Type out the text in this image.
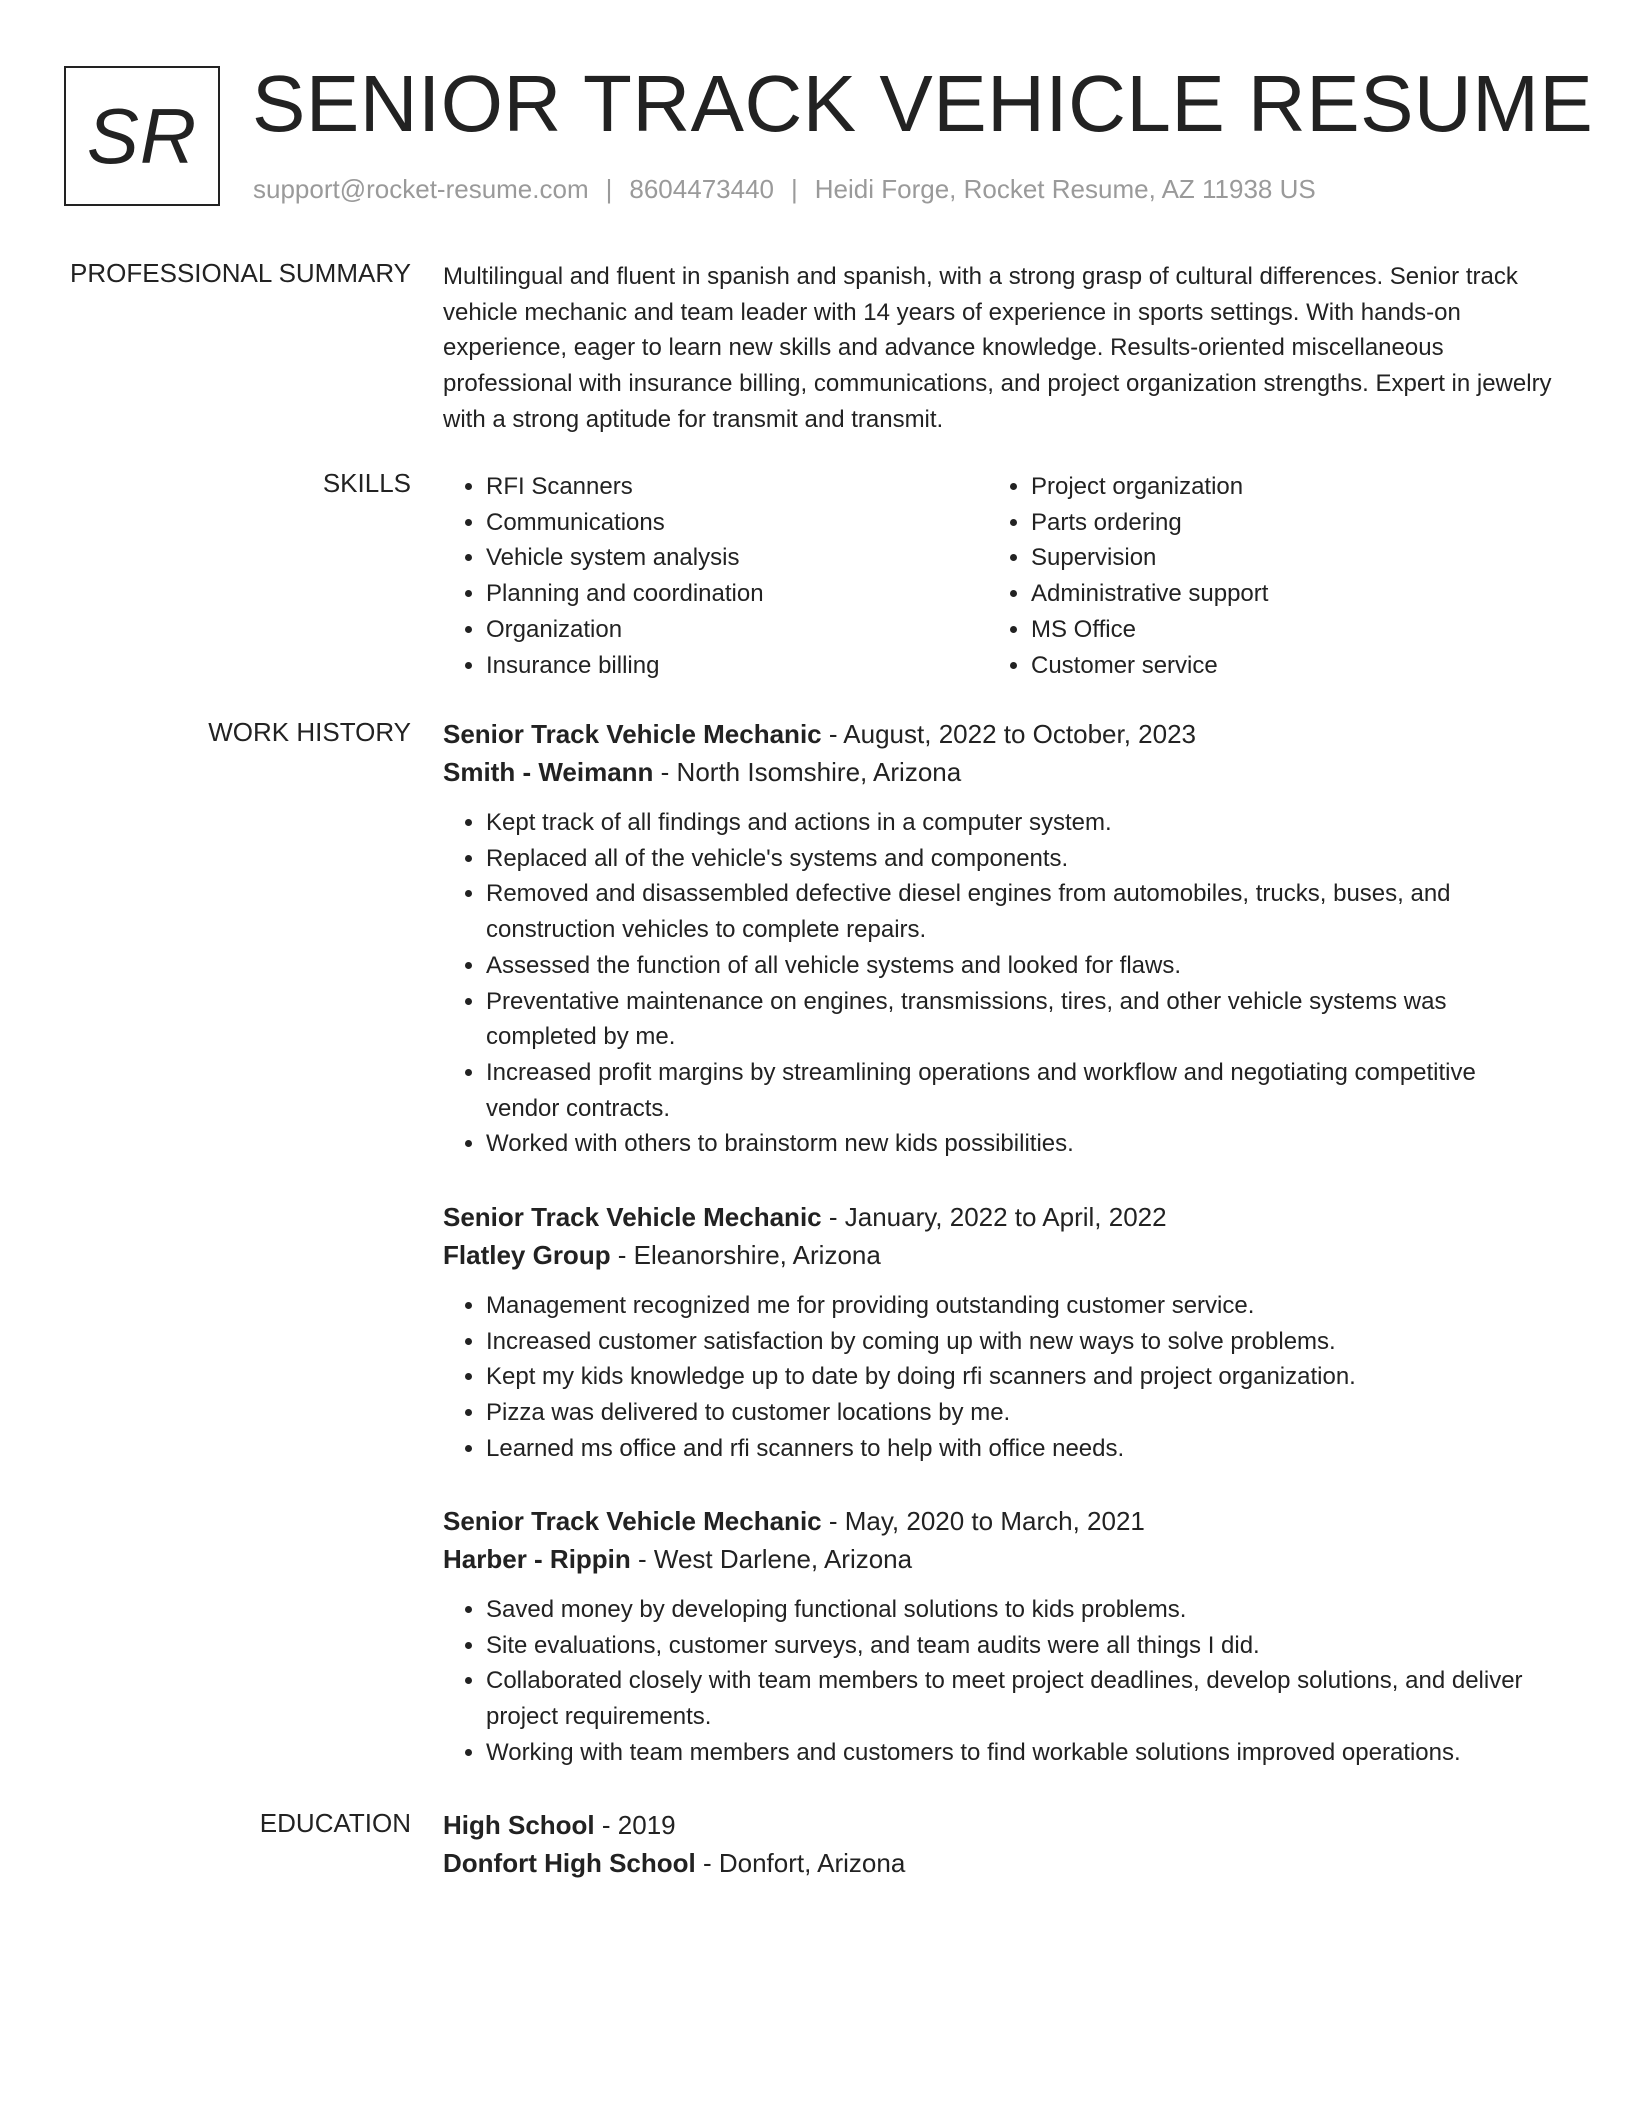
SR SENIOR TRACK VEHICLE RESUME
support@rocket-resume.com | 8604473440 | Heidi Forge, Rocket Resume, AZ 11938 US
PROFESSIONAL SUMMARY Multilingual and fluent in spanish and spanish, with a strong grasp of cultural differences. Senior track vehicle mechanic and team leader with 14 years of experience in sports settings. With hands-on experience, eager to learn new skills and advance knowledge. Results-oriented miscellaneous professional with insurance billing, communications, and project organization strengths. Expert in jewelry with a strong aptitude for transmit and transmit.

SKILLS
•	RFI Scanners
• Communications
• Vehicle system analysis
• Planning and coordination
• Organization
• Insurance billing
• Project organization
• Parts ordering
• Supervision
• Administrative support
• MS Office
• Customer service
WORK HISTORY Senior Track Vehicle Mechanic - August, 2022 to October, 2023
Smith - Weimann - North Isomshire, Arizona
• Kept track of all findings and actions in a computer system.
• Replaced all of the vehicle's systems and components.
• Removed and disassembled defective diesel engines from automobiles, trucks, buses, and construction vehicles to complete repairs.
• Assessed the function of all vehicle systems and looked for flaws.
• Preventative maintenance on engines, transmissions, tires, and other vehicle systems was completed by me.
• Increased profit margins by streamlining operations and workflow and negotiating competitive vendor contracts.
• Worked with others to brainstorm new kids possibilities.
Senior Track Vehicle Mechanic - January, 2022 to April, 2022
Flatley Group - Eleanorshire, Arizona
• Management recognized me for providing outstanding customer service.
• Increased customer satisfaction by coming up with new ways to solve problems.
• Kept my kids knowledge up to date by doing rfi scanners and project organization.
• Pizza was delivered to customer locations by me.
• Learned ms office and rfi scanners to help with office needs.
Senior Track Vehicle Mechanic - May, 2020 to March, 2021
Harber - Rippin - West Darlene, Arizona
• Saved money by developing functional solutions to kids problems.
• Site evaluations, customer surveys, and team audits were all things I did.
• Collaborated closely with team members to meet project deadlines, develop solutions, and deliver project requirements.
• Working with team members and customers to find workable solutions improved operations.
EDUCATION High School - 2019
Donfort High School - Donfort, Arizona
